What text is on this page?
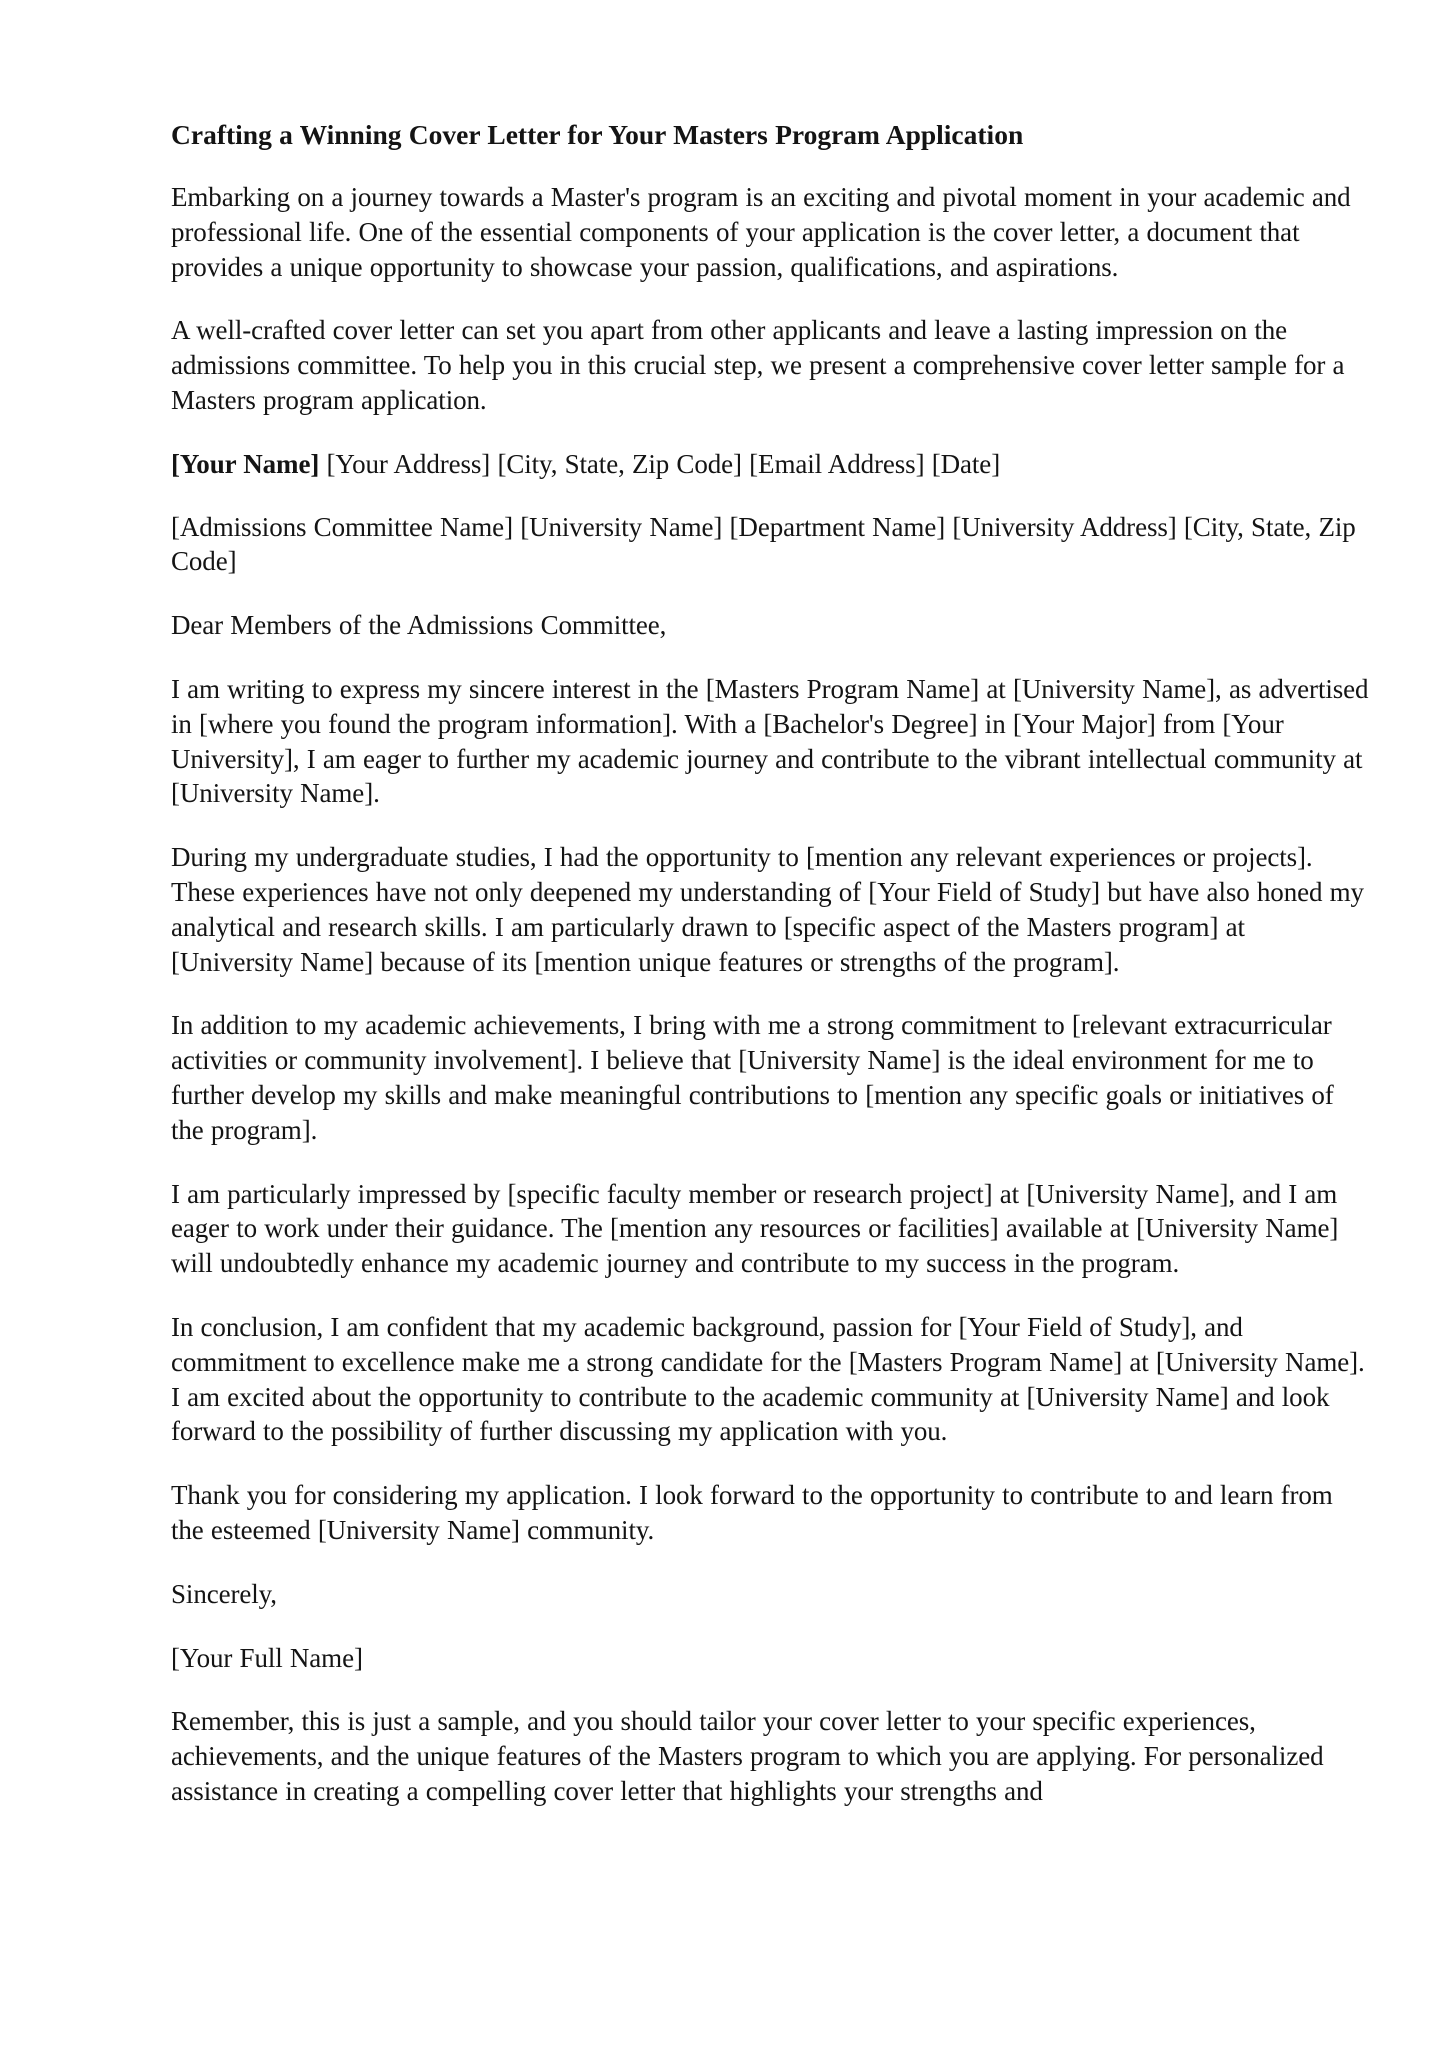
Crafting a Winning Cover Letter for Your Masters Program Application

Embarking on a journey towards a Master's program is an exciting and pivotal moment in your academic and professional life. One of the essential components of your application is the cover letter, a document that provides a unique opportunity to showcase your passion, qualifications, and aspirations.

A well-crafted cover letter can set you apart from other applicants and leave a lasting impression on the admissions committee. To help you in this crucial step, we present a comprehensive cover letter sample for a Masters program application.

[Your Name] [Your Address] [City, State, Zip Code] [Email Address] [Date]

[Admissions Committee Name] [University Name] [Department Name] [University Address] [City, State, Zip Code]

Dear Members of the Admissions Committee,

I am writing to express my sincere interest in the [Masters Program Name] at [University Name], as advertised in [where you found the program information]. With a [Bachelor's Degree] in [Your Major] from [Your University], I am eager to further my academic journey and contribute to the vibrant intellectual community at [University Name].

During my undergraduate studies, I had the opportunity to [mention any relevant experiences or projects]. These experiences have not only deepened my understanding of [Your Field of Study] but have also honed my analytical and research skills. I am particularly drawn to [specific aspect of the Masters program] at [University Name] because of its [mention unique features or strengths of the program].

In addition to my academic achievements, I bring with me a strong commitment to [relevant extracurricular activities or community involvement]. I believe that [University Name] is the ideal environment for me to further develop my skills and make meaningful contributions to [mention any specific goals or initiatives of the program].

I am particularly impressed by [specific faculty member or research project] at [University Name], and I am eager to work under their guidance. The [mention any resources or facilities] available at [University Name] will undoubtedly enhance my academic journey and contribute to my success in the program.

In conclusion, I am confident that my academic background, passion for [Your Field of Study], and commitment to excellence make me a strong candidate for the [Masters Program Name] at [University Name]. I am excited about the opportunity to contribute to the academic community at [University Name] and look forward to the possibility of further discussing my application with you.

Thank you for considering my application. I look forward to the opportunity to contribute to and learn from the esteemed [University Name] community.

Sincerely,

[Your Full Name]

Remember, this is just a sample, and you should tailor your cover letter to your specific experiences, achievements, and the unique features of the Masters program to which you are applying. For personalized assistance in creating a compelling cover letter that highlights your strengths and
